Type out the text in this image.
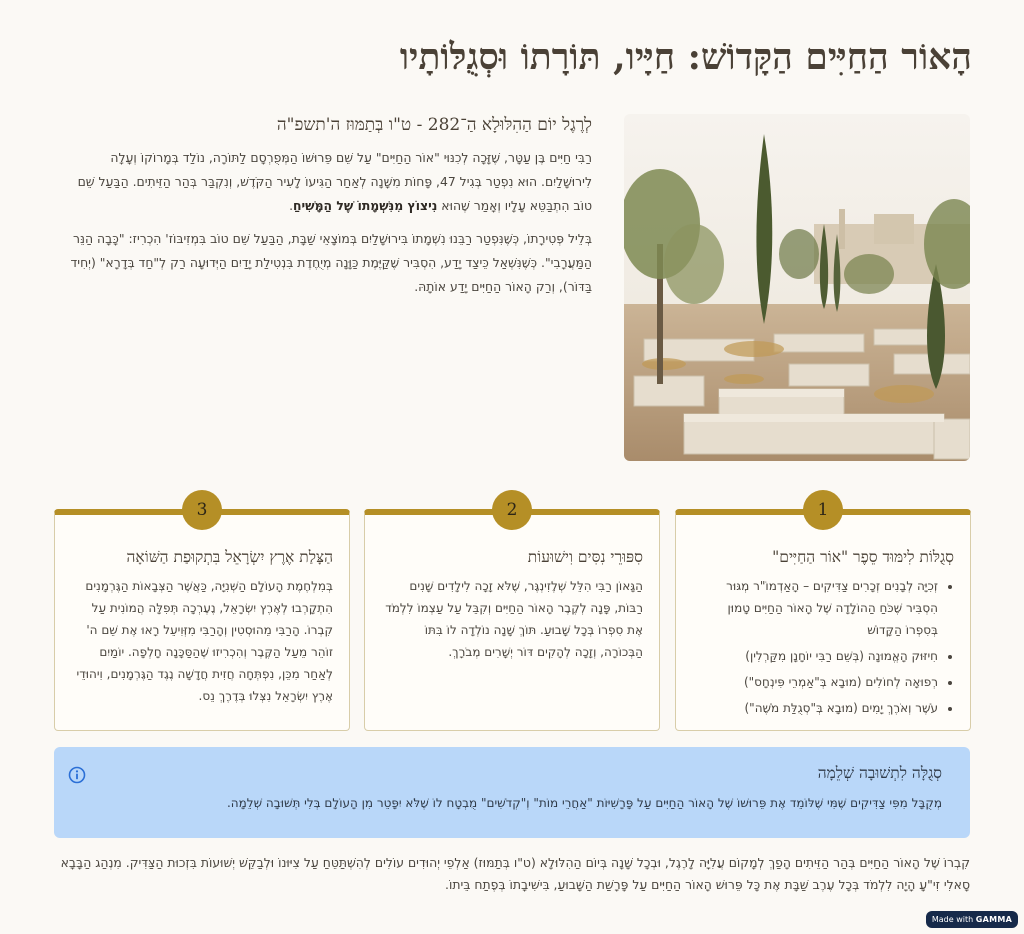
הָאוֹר הַחַיִּים הַקָּדוֹשׁ: חַיָּיו, תּוֹרָתוֹ וּסְגֻלּוֹתָיו
לְרֶגֶל יוֹם הַהִלּוּלָא הַ־282 - ט"ו בְּתַמּוּז ה'תשפ"ה

רַבִּי חַיִּים בֶּן עַטָּר, שֶׁזָּכָה לְכִנּוּי "אוֹר הַחַיִּים" עַל שֵׁם פֵּרוּשׁוֹ הַמְּפֻרְסָם לַתּוֹרָה, נוֹלַד בְּמָרוֹקוֹ וְעָלָה לִירוּשָׁלַיִם. הוּא נִפְטַר בְּגִיל 47, פָּחוֹת מִשָּׁנָה לְאַחַר הַגִּיעוֹ לָעִיר הַקֹּדֶשׁ, וְנִקְבַּר בְּהַר הַזֵּיתִים. הַבַּעַל שֵׁם טוֹב הִתְבַּטֵּא עָלָיו וְאָמַר שֶׁהוּא נִיצוֹץ מִנִּשְׁמָתוֹ שֶׁל הַמָּשִׁיחַ.

בְּלֵיל פְּטִירָתוֹ, כְּשֶׁנִּפְטַר רַבֵּנוּ נִשְׁמָתוֹ בִּירוּשָׁלַיִם בְּמוֹצָאֵי שַׁבָּת, הַבַּעַל שֵׁם טוֹב בִּמְזִיבּוֹז' הִכְרִיז: "כָּבָה הַנֵּר הַמַּעֲרָבִי". כְּשֶׁנִּשְׁאַל כֵּיצַד יָדַע, הִסְבִּיר שֶׁקַּיֶּמֶת כַּוָּנָה מְיֻחֶדֶת בִּנְטִילַת יָדַיִם הַיְּדוּעָה רַק לְ"חַד בְּדָרָא" (יְחִיד בַּדּוֹר), וְרַק הָאוֹר הַחַיִּים יָדַע אוֹתָהּ.

1
סְגֻלּוֹת לִימּוּד סֵפֶר "אוֹר הַחַיִּים"
• זְכִיָּה לְבָנִים זְכָרִים צַדִּיקִים – הָאַדְמוֹ"ר מְגּוּר הִסְבִּיר שֶׁכֹּחַ הַהוֹלָדָה שֶׁל הָאוֹר הַחַיִּים טָמוּן בְּסִפְרוֹ הַקָּדוֹשׁ
• חִיזּוּק הָאֱמוּנָה (בְּשֵׁם רַבִּי יוֹחָנָן מִקַּרְלִין)
• רְפוּאָה לְחוֹלִים (מוּבָא בְּ"אַמְרֵי פִּינְחָס")
• עֹשֶׁר וְאֹרֶךְ יָמִים (מוּבָא בְּ"סְגֻלַּת מֹשֶׁה")
2
סִפּוּרֵי נִסִּים וִישׁוּעוֹת

הַגָּאוֹן רַבִּי הִלֵּל שְׁלֶזִינְגֶּר, שֶׁלֹּא זָכָה לִילָדִים שָׁנִים רַבּוֹת, פָּנָה לְקֶבֶר הָאוֹר הַחַיִּים וְקִבֵּל עַל עַצְמוֹ לִלְמֹד אֶת סִפְרוֹ בְּכָל שָׁבוּעַ. תּוֹךְ שָׁנָה נוֹלְדָה לוֹ בִּתּוֹ הַבְּכוֹרָה, וְזָכָה לְהָקִים דּוֹר יְשָׁרִים מְבֹרָךְ.

3
הַצָּלַת אֶרֶץ יִשְׂרָאֵל בִּתְקוּפַת הַשּׁוֹאָה

בְּמִלְחֶמֶת הָעוֹלָם הַשְּׁנִיָּה, כַּאֲשֶׁר הַצְּבָאוֹת הַגֶּרְמָנִים הִתְקָרְבוּ לְאֶרֶץ יִשְׂרָאֵל, נֶעֶרְכָה תְּפִלָּה הֲמוֹנִית עַל קִבְרוֹ. הָרַבִּי מֵהוּסְטִין וְהָרַבִּי מִזְּוִיעֵל רָאוּ אֶת שֵׁם ה' זוֹהֵר מֵעַל הַקֶּבֶר וְהִכְרִיזוּ שֶׁהַסַּכָּנָה חָלְפָה. יוֹמַיִם לְאַחַר מִכֵּן, נִפְתְּחָה חֲזִית חֲדָשָׁה נֶגֶד הַגֶּרְמָנִים, וִיהוּדֵי אֶרֶץ יִשְׂרָאֵל נִצְּלוּ בְּדֶרֶךְ נֵס.

סְגֻלָּה לִתְשׁוּבָה שְׁלֵמָה

מְקֻבָּל מִפִּי צַדִּיקִים שֶׁמִּי שֶׁלּוֹמֵד אֶת פֵּרוּשׁוֹ שֶׁל הָאוֹר הַחַיִּים עַל פָּרָשִׁיּוֹת "אַחֲרֵי מוֹת" וְ"קְדֹשִׁים" מֻבְטָח לוֹ שֶׁלֹּא יִפָּטֵר מִן הָעוֹלָם בְּלִי תְּשׁוּבָה שְׁלֵמָה.

קִבְרוֹ שֶׁל הָאוֹר הַחַיִּים בְּהַר הַזֵּיתִים הָפַךְ לְמָקוֹם עֲלִיָּה לָרֶגֶל, וּבְכָל שָׁנָה בְּיוֹם הַהִלּוּלָא (ט"ו בְּתַמּוּז) אַלְפֵי יְהוּדִים עוֹלִים לְהִשְׁתַּטֵּחַ עַל צִיּוּנוֹ וּלְבַקֵּשׁ יְשׁוּעוֹת בִּזְכוּת הַצַּדִּיק. מִנְהַג הַבָּבָא סָאלִי זִי"עָ הָיָה לִלְמֹד בְּכָל עֶרֶב שַׁבָּת אֶת כָּל פֵּרוּשׁ הָאוֹר הַחַיִּים עַל פָּרָשַׁת הַשָּׁבוּעַ, בִּישִׁיבָתוֹ בְּפֶתַח בֵּיתוֹ.

Made with GAMMA
